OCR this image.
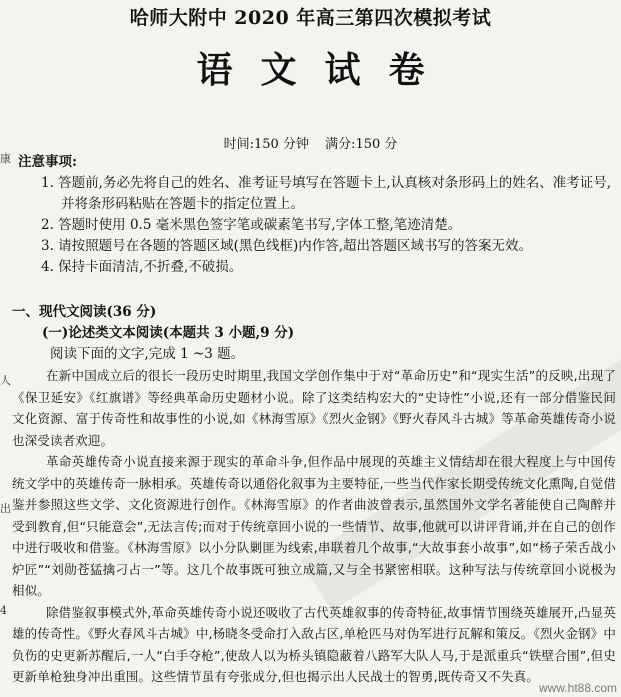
哈师大附中 2020 年高三第四次模拟考试
语文试卷
时间:150 分钟 满分:150 分
注意事项:

1. 答题前,务必先将自己的姓名、准考证号填写在答题卡上,认真核对条形码上的姓名、准考证号,并将条形码粘贴在答题卡的指定位置上。

2. 答题时使用 0.5 毫米黑色签字笔或碳素笔书写,字体工整,笔迹清楚。

3. 请按照题号在各题的答题区域(黑色线框)内作答,超出答题区域书写的答案无效。

4. 保持卡面清洁,不折叠,不破损。

一、现代文阅读(36 分)

(一)论述类文本阅读(本题共 3 小题,9 分)

阅读下面的文字,完成 1 ~3 题。

在新中国成立后的很长一段历史时期里,我国文学创作集中于对“革命历史”和“现实生活”的反映,出现了《保卫延安》《红旗谱》等经典革命历史题材小说。除了这类结构宏大的“史诗性”小说,还有一部分借鉴民间文化资源、富于传奇性和故事性的小说,如《林海雪原》《烈火金钢》《野火春风斗古城》等革命英雄传奇小说也深受读者欢迎。

革命英雄传奇小说直接来源于现实的革命斗争,但作品中展现的英雄主义情结却在很大程度上与中国传统文学中的英雄传奇一脉相承。英雄传奇以通俗化叙事为主要特征,一些当代作家长期受传统文化熏陶,自觉借鉴并参照这些文学、文化资源进行创作。《林海雪原》的作者曲波曾表示,虽然国外文学名著能使自己陶醉并受到教育,但“只能意会”,无法言传;而对于传统章回小说的一些情节、故事,他就可以讲评背诵,并在自己的创作中进行吸收和借鉴。《林海雪原》以小分队剿匪为线索,串联着几个故事,“大故事套小故事”,如“杨子荣舌战小炉匠”“刘勋苍猛擒刁占一”等。这几个故事既可独立成篇,又与全书紧密相联。这种写法与传统章回小说极为相似。

除借鉴叙事模式外,革命英雄传奇小说还吸收了古代英雄叙事的传奇特征,故事情节围绕英雄展开,凸显英雄的传奇性。《野火春风斗古城》中,杨晓冬受命打入敌占区,单枪匹马对伪军进行瓦解和策反。《烈火金钢》中负伤的史更新苏醒后,一人“白手夺枪”,使敌人以为桥头镇隐蔽着八路军大队人马,于是派重兵“铁壁合围”,但史更新单枪独身冲出重围。这些情节虽有夸张成分,但也揭示出人民战士的智勇,既传奇又不失真。

康
人
出
4
www.ht88.com
